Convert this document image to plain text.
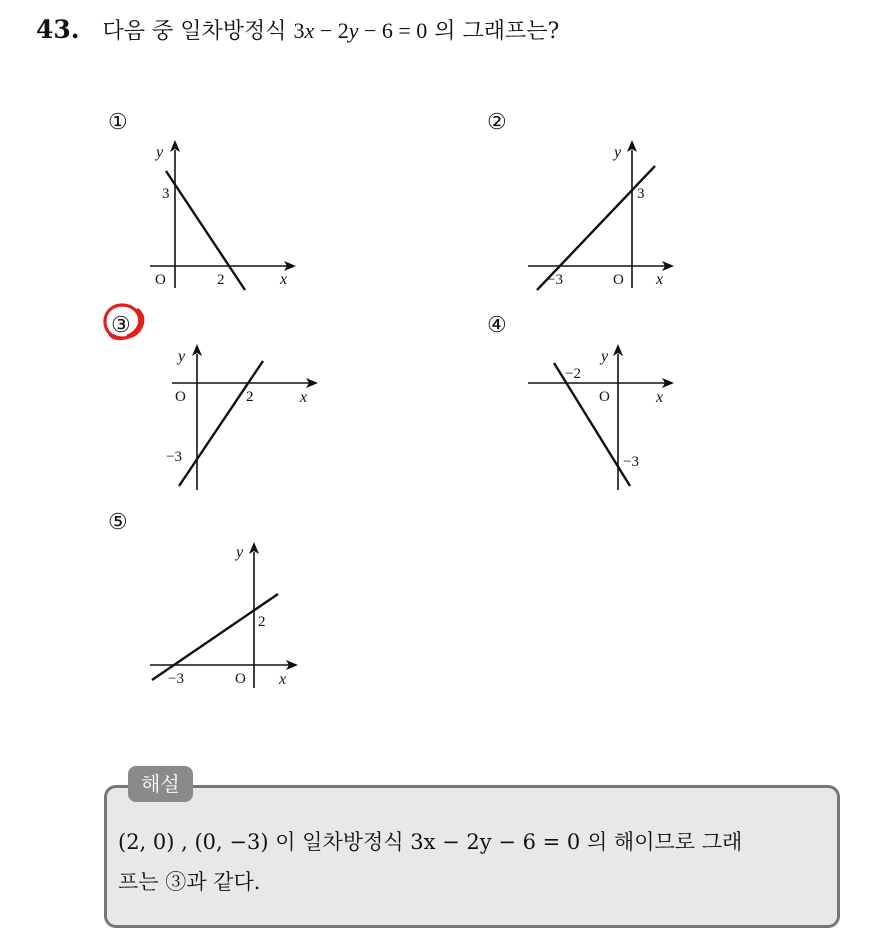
43. 다음 중 일차방정식 3x − 2y − 6 = 0 의 그래프는?
①
y
x
O	2
3
②
y
x
O
−3
3
③
y
x
O	2
−3
④
y
x
O
−2
−3
⑤
y
x
O
−3
2
해설
(2, 0) , (0, −3) 이 일차방정식 3x − 2y − 6 = 0 의 해이므로 그래
프는 ③과 같다.
